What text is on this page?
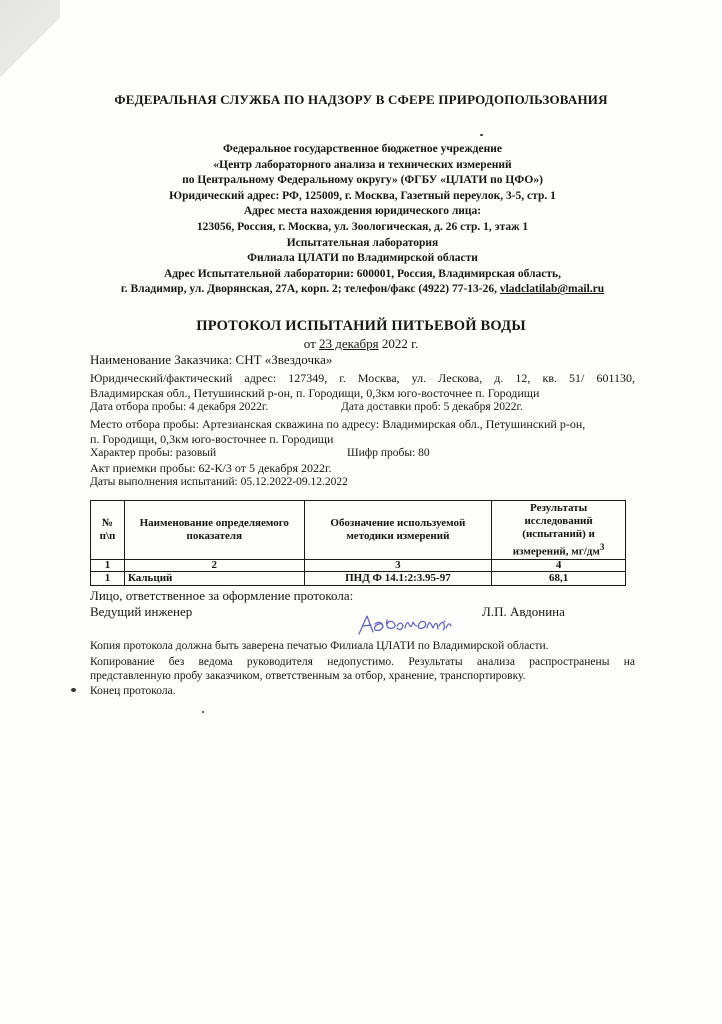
ФЕДЕРАЛЬНАЯ СЛУЖБА ПО НАДЗОРУ В СФЕРЕ ПРИРОДОПОЛЬЗОВАНИЯ
Федеральное государственное бюджетное учреждение
«Центр лабораторного анализа и технических измерений
по Центральному Федеральному округу» (ФГБУ «ЦЛАТИ по ЦФО»)
Юридический адрес: РФ, 125009, г. Москва, Газетный переулок, 3-5, стр. 1
Адрес места нахождения юридического лица:
123056, Россия, г. Москва, ул. Зоологическая, д. 26 стр. 1, этаж 1
Испытательная лаборатория
Филиала ЦЛАТИ по Владимирской области
Адрес Испытательной лаборатории: 600001, Россия, Владимирская область,
г. Владимир, ул. Дворянская, 27А, корп. 2; телефон/факс (4922) 77-13-26, vladclatilab@mail.ru
ПРОТОКОЛ ИСПЫТАНИЙ ПИТЬЕВОЙ ВОДЫ
от 23 декабря 2022 г.
Наименование Заказчика: СНТ «Звездочка»
Юридический/фактический адрес: 127349, г. Москва, ул. Лескова, д. 12, кв. 51/ 601130,
Владимирская обл., Петушинский р-он, п. Городищи, 0,3км юго-восточнее п. Городищи
Дата отбора пробы: 4 декабря 2022г.	Дата доставки проб: 5 декабря 2022г.
Место отбора пробы: Артезианская скважина по адресу: Владимирская обл., Петушинский р-он,
п. Городищи, 0,3км юго-восточнее п. Городищи
Характер пробы: разовый	Шифр пробы: 80
Акт приемки пробы: 62-К/3 от 5 декабря 2022г.
Даты выполнения испытаний: 05.12.2022-09.12.2022
№ п\п	Наименование определяемого показателя	Обозначение используемой методики измерений	Результаты исследований (испытаний) и измерений, $мг/дм^3$
1	2	3	4
1	Кальций	ПНД Ф 14.1:2:3.95-97	68,1
Лицо, ответственное за оформление протокола:
Ведущий инженер	Л.П. Авдонина
Копия протокола должна быть заверена печатью Филиала ЦЛАТИ по Владимирской области.
Копирование без ведома руководителя недопустимо. Результаты анализа распространены на
представленную пробу заказчиком, ответственным за отбор, хранение, транспортировку.
Конец протокола.
